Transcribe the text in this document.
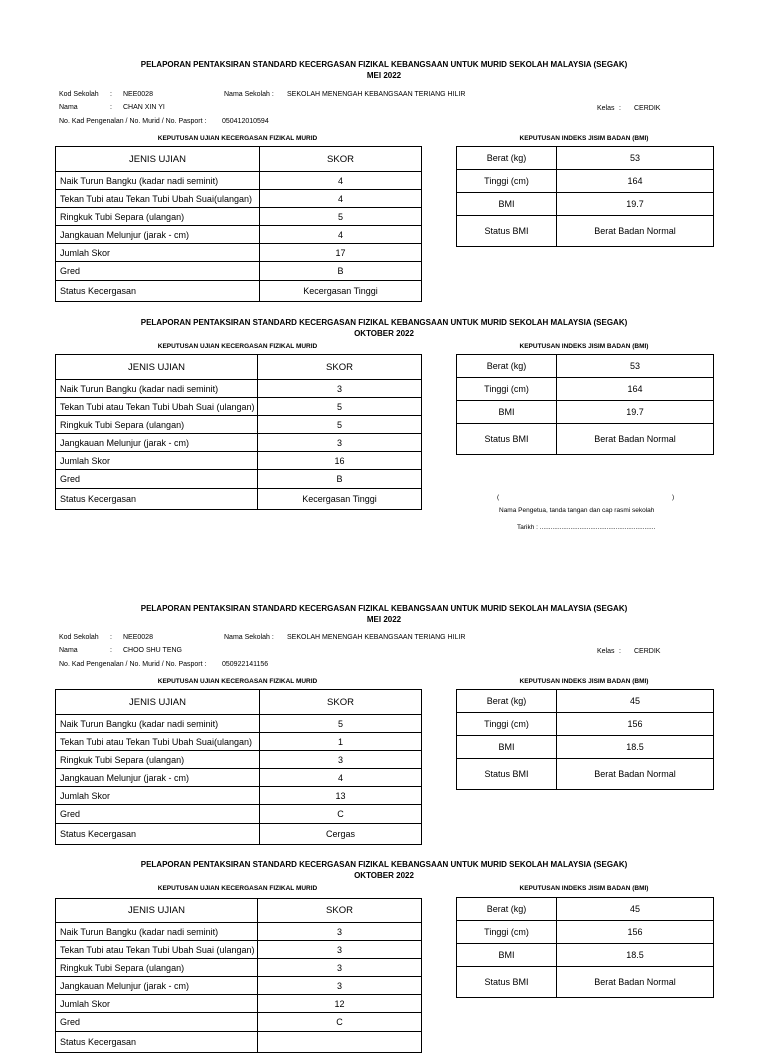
PELAPORAN PENTAKSIRAN STANDARD KECERGASAN FIZIKAL KEBANGSAAN UNTUK MURID SEKOLAH MALAYSIA (SEGAK)
MEI 2022
Kod Sekolah : NEE0028	Nama Sekolah : SEKOLAH MENENGAH KEBANGSAAN TERIANG HILIR
Nama	: CHAN XIN YI	Kelas : CERDIK
No. Kad Pengenalan / No. Murid / No. Pasport : 050412010594
KEPUTUSAN UJIAN KECERGASAN FIZIKAL MURID	KEPUTUSAN INDEKS JISIM BADAN (BMI)
JENIS UJIAN	SKOR
Naik Turun Bangku (kadar nadi seminit)	4
Tekan Tubi atau Tekan Tubi Ubah Suai(ulangan)	4
Ringkuk Tubi Separa (ulangan)	5
Jangkauan Melunjur (jarak - cm)	4
Jumlah Skor	17
Gred	B
Status Kecergasan	Kecergasan Tinggi
Berat (kg)	53
Tinggi (cm)	164
BMI	19.7
Status BMI	Berat Badan Normal
PELAPORAN PENTAKSIRAN STANDARD KECERGASAN FIZIKAL KEBANGSAAN UNTUK MURID SEKOLAH MALAYSIA (SEGAK)
OKTOBER 2022
KEPUTUSAN UJIAN KECERGASAN FIZIKAL MURID	KEPUTUSAN INDEKS JISIM BADAN (BMI)
JENIS UJIAN	SKOR
Naik Turun Bangku (kadar nadi seminit)	3
Tekan Tubi atau Tekan Tubi Ubah Suai (ulangan)	5
Ringkuk Tubi Separa (ulangan)	5
Jangkauan Melunjur (jarak - cm)	3
Jumlah Skor	16
Gred	B
Status Kecergasan	Kecergasan Tinggi
Berat (kg)	53
Tinggi (cm)	164
BMI	19.7
Status BMI	Berat Badan Normal
(	)
Nama Pengetua, tanda tangan dan cap rasmi sekolah
Tarikh : ................................................................
PELAPORAN PENTAKSIRAN STANDARD KECERGASAN FIZIKAL KEBANGSAAN UNTUK MURID SEKOLAH MALAYSIA (SEGAK)
MEI 2022
Kod Sekolah : NEE0028	Nama Sekolah : SEKOLAH MENENGAH KEBANGSAAN TERIANG HILIR
Nama	: CHOO SHU TENG	Kelas : CERDIK
No. Kad Pengenalan / No. Murid / No. Pasport : 050922141156
KEPUTUSAN UJIAN KECERGASAN FIZIKAL MURID	KEPUTUSAN INDEKS JISIM BADAN (BMI)
JENIS UJIAN	SKOR
Naik Turun Bangku (kadar nadi seminit)	5
Tekan Tubi atau Tekan Tubi Ubah Suai(ulangan)	1
Ringkuk Tubi Separa (ulangan)	3
Jangkauan Melunjur (jarak - cm)	4
Jumlah Skor	13
Gred	C
Status Kecergasan	Cergas
Berat (kg)	45
Tinggi (cm)	156
BMI	18.5
Status BMI	Berat Badan Normal
PELAPORAN PENTAKSIRAN STANDARD KECERGASAN FIZIKAL KEBANGSAAN UNTUK MURID SEKOLAH MALAYSIA (SEGAK)
OKTOBER 2022
KEPUTUSAN UJIAN KECERGASAN FIZIKAL MURID	KEPUTUSAN INDEKS JISIM BADAN (BMI)
JENIS UJIAN	SKOR
Naik Turun Bangku (kadar nadi seminit)	3
Tekan Tubi atau Tekan Tubi Ubah Suai (ulangan)	3
Ringkuk Tubi Separa (ulangan)	3
Jangkauan Melunjur (jarak - cm)	3
Jumlah Skor	12
Gred	C
Status Kecergasan	
Berat (kg)	45
Tinggi (cm)	156
BMI	18.5
Status BMI	Berat Badan Normal
